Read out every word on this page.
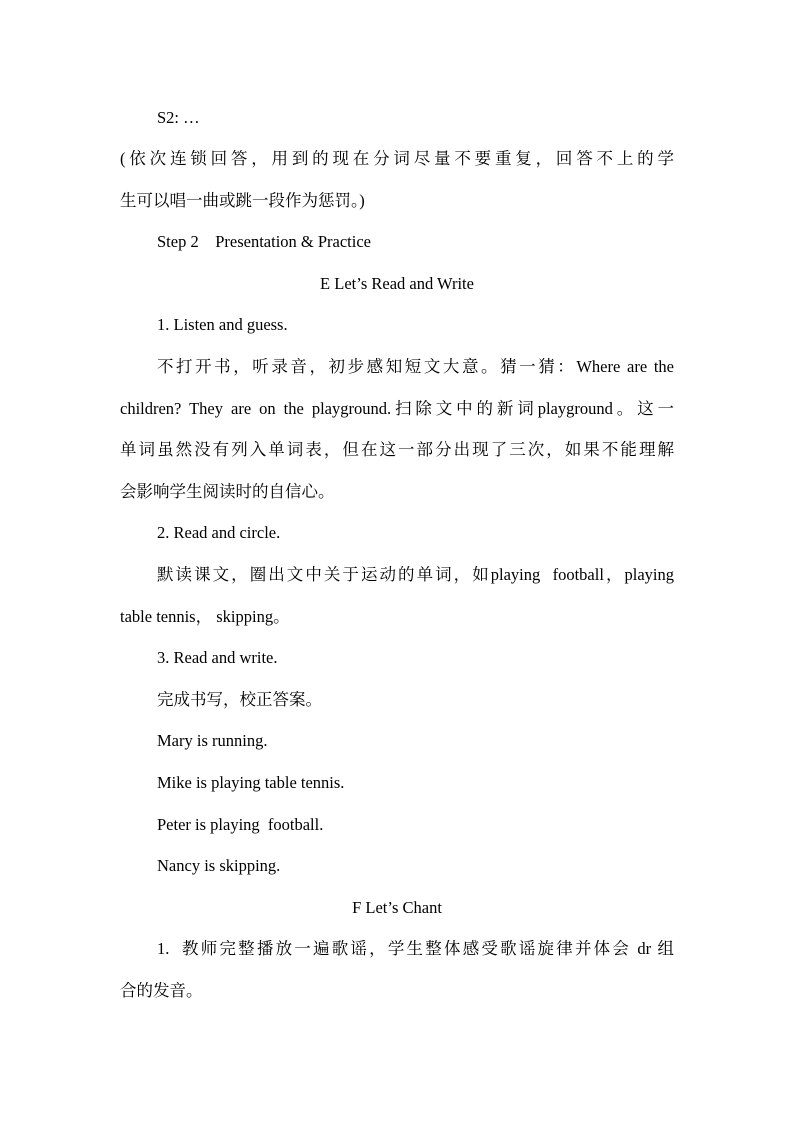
S2: …
(依次连锁回答，用到的现在分词尽量不要重复，回答不上的学
生可以唱一曲或跳一段作为惩罚。)
Step 2    Presentation & Practice
E Let’s Read and Write
1. Listen and guess.
不打开书，听录音，初步感知短文大意。猜一猜：Where are the
children? They are on the playground.扫除文中的新词playground。这一
单词虽然没有列入单词表，但在这一部分出现了三次，如果不能理解
会影响学生阅读时的自信心。
2. Read and circle.
默读课文，圈出文中关于运动的单词，如playing  football，playing
table tennis， skipping。
3. Read and write.
完成书写，校正答案。
Mary is running.
Mike is playing table tennis.
Peter is playing  football.
Nancy is skipping.
F Let’s Chant
1.  教师完整播放一遍歌谣，学生整体感受歌谣旋律并体会 dr 组
合的发音。
